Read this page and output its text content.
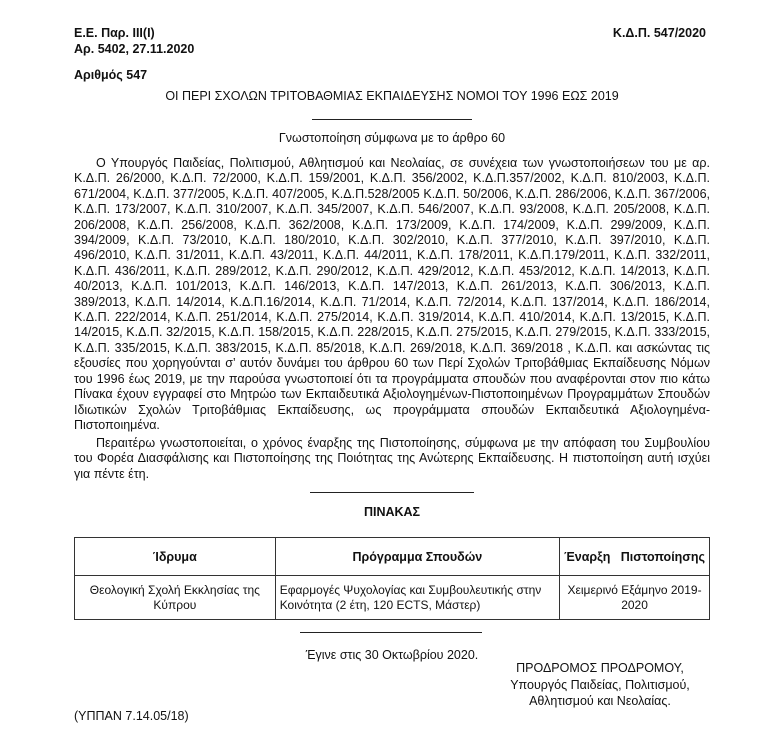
Ε.Ε. Παρ. III(I)
Αρ. 5402, 27.11.2020
Κ.Δ.Π. 547/2020
Αριθμός 547
ΟΙ ΠΕΡΙ ΣΧΟΛΩΝ ΤΡΙΤΟΒΑΘΜΙΑΣ ΕΚΠΑΙΔΕΥΣΗΣ ΝΟΜΟΙ ΤΟΥ 1996 ΕΩΣ 2019
Γνωστοποίηση σύμφωνα με το άρθρο 60
Ο Υπουργός Παιδείας, Πολιτισμού, Αθλητισμού και Νεολαίας, σε συνέχεια των γνωστοποιήσεων του με αρ. Κ.Δ.Π. 26/2000, Κ.Δ.Π. 72/2000, Κ.Δ.Π. 159/2001, Κ.Δ.Π. 356/2002, Κ.Δ.Π.357/2002, Κ.Δ.Π. 810/2003, Κ.Δ.Π. 671/2004, Κ.Δ.Π. 377/2005, Κ.Δ.Π. 407/2005, Κ.Δ.Π.528/2005 Κ.Δ.Π. 50/2006, Κ.Δ.Π. 286/2006, Κ.Δ.Π. 367/2006, Κ.Δ.Π. 173/2007, Κ.Δ.Π. 310/2007, Κ.Δ.Π. 345/2007, Κ.Δ.Π. 546/2007, Κ.Δ.Π. 93/2008, Κ.Δ.Π. 205/2008, Κ.Δ.Π. 206/2008, Κ.Δ.Π. 256/2008, Κ.Δ.Π. 362/2008, Κ.Δ.Π. 173/2009, Κ.Δ.Π. 174/2009, Κ.Δ.Π. 299/2009, Κ.Δ.Π. 394/2009, Κ.Δ.Π. 73/2010, Κ.Δ.Π. 180/2010, Κ.Δ.Π. 302/2010, Κ.Δ.Π. 377/2010, Κ.Δ.Π. 397/2010, Κ.Δ.Π. 496/2010, Κ.Δ.Π. 31/2011, Κ.Δ.Π. 43/2011, Κ.Δ.Π. 44/2011, Κ.Δ.Π. 178/2011, Κ.Δ.Π.179/2011, Κ.Δ.Π. 332/2011, Κ.Δ.Π. 436/2011, Κ.Δ.Π. 289/2012, Κ.Δ.Π. 290/2012, Κ.Δ.Π. 429/2012, Κ.Δ.Π. 453/2012, Κ.Δ.Π. 14/2013, Κ.Δ.Π. 40/2013, Κ.Δ.Π. 101/2013, Κ.Δ.Π. 146/2013, Κ.Δ.Π. 147/2013, Κ.Δ.Π. 261/2013, Κ.Δ.Π. 306/2013, Κ.Δ.Π. 389/2013, Κ.Δ.Π. 14/2014, Κ.Δ.Π.16/2014, Κ.Δ.Π. 71/2014, Κ.Δ.Π. 72/2014, Κ.Δ.Π. 137/2014, Κ.Δ.Π. 186/2014, Κ.Δ.Π. 222/2014, Κ.Δ.Π. 251/2014, Κ.Δ.Π. 275/2014, Κ.Δ.Π. 319/2014, Κ.Δ.Π. 410/2014, Κ.Δ.Π. 13/2015, Κ.Δ.Π. 14/2015, Κ.Δ.Π. 32/2015, Κ.Δ.Π. 158/2015, Κ.Δ.Π. 228/2015, Κ.Δ.Π. 275/2015, Κ.Δ.Π. 279/2015, Κ.Δ.Π. 333/2015, Κ.Δ.Π. 335/2015, Κ.Δ.Π. 383/2015, Κ.Δ.Π. 85/2018, Κ.Δ.Π. 269/2018, Κ.Δ.Π. 369/2018 , Κ.Δ.Π. και ασκώντας τις εξουσίες που χορηγούνται σ’ αυτόν δυνάμει του άρθρου 60 των Περί Σχολών Τριτοβάθμιας Εκπαίδευσης Νόμων του 1996 έως 2019, με την παρούσα γνωστοποιεί ότι τα προγράμματα σπουδών που αναφέρονται στον πιο κάτω Πίνακα έχουν εγγραφεί στο Μητρώο των Εκπαιδευτικά Αξιολογημένων-Πιστοποιημένων Προγραμμάτων Σπουδών Ιδιωτικών Σχολών Τριτοβάθμιας Εκπαίδευσης, ως προγράμματα σπουδών Εκπαιδευτικά Αξιολογημένα-Πιστοποιημένα.
Περαιτέρω γνωστοποιείται, ο χρόνος έναρξης της Πιστοποίησης, σύμφωνα με την απόφαση του Συμβουλίου του Φορέα Διασφάλισης και Πιστοποίησης της Ποιότητας της Ανώτερης Εκπαίδευσης. Η πιστοποίηση αυτή ισχύει για πέντε έτη.
ΠΙΝΑΚΑΣ
Ίδρυμα	Πρόγραμμα Σπουδών	Έναρξη   Πιστοποίησης
Θεολογική Σχολή Εκκλησίας της Κύπρου	Εφαρμογές Ψυχολογίας και Συμβουλευτικής στην Κοινότητα (2 έτη, 120 ECTS, Μάστερ)	Χειμερινό Εξάμηνο 2019-2020
Έγινε στις 30 Οκτωβρίου 2020.
ΠΡΟΔΡΟΜΟΣ ΠΡΟΔΡΟΜΟΥ,
Υπουργός Παιδείας, Πολιτισμού,
Αθλητισμού και Νεολαίας.
(ΥΠΠΑΝ 7.14.05/18)
